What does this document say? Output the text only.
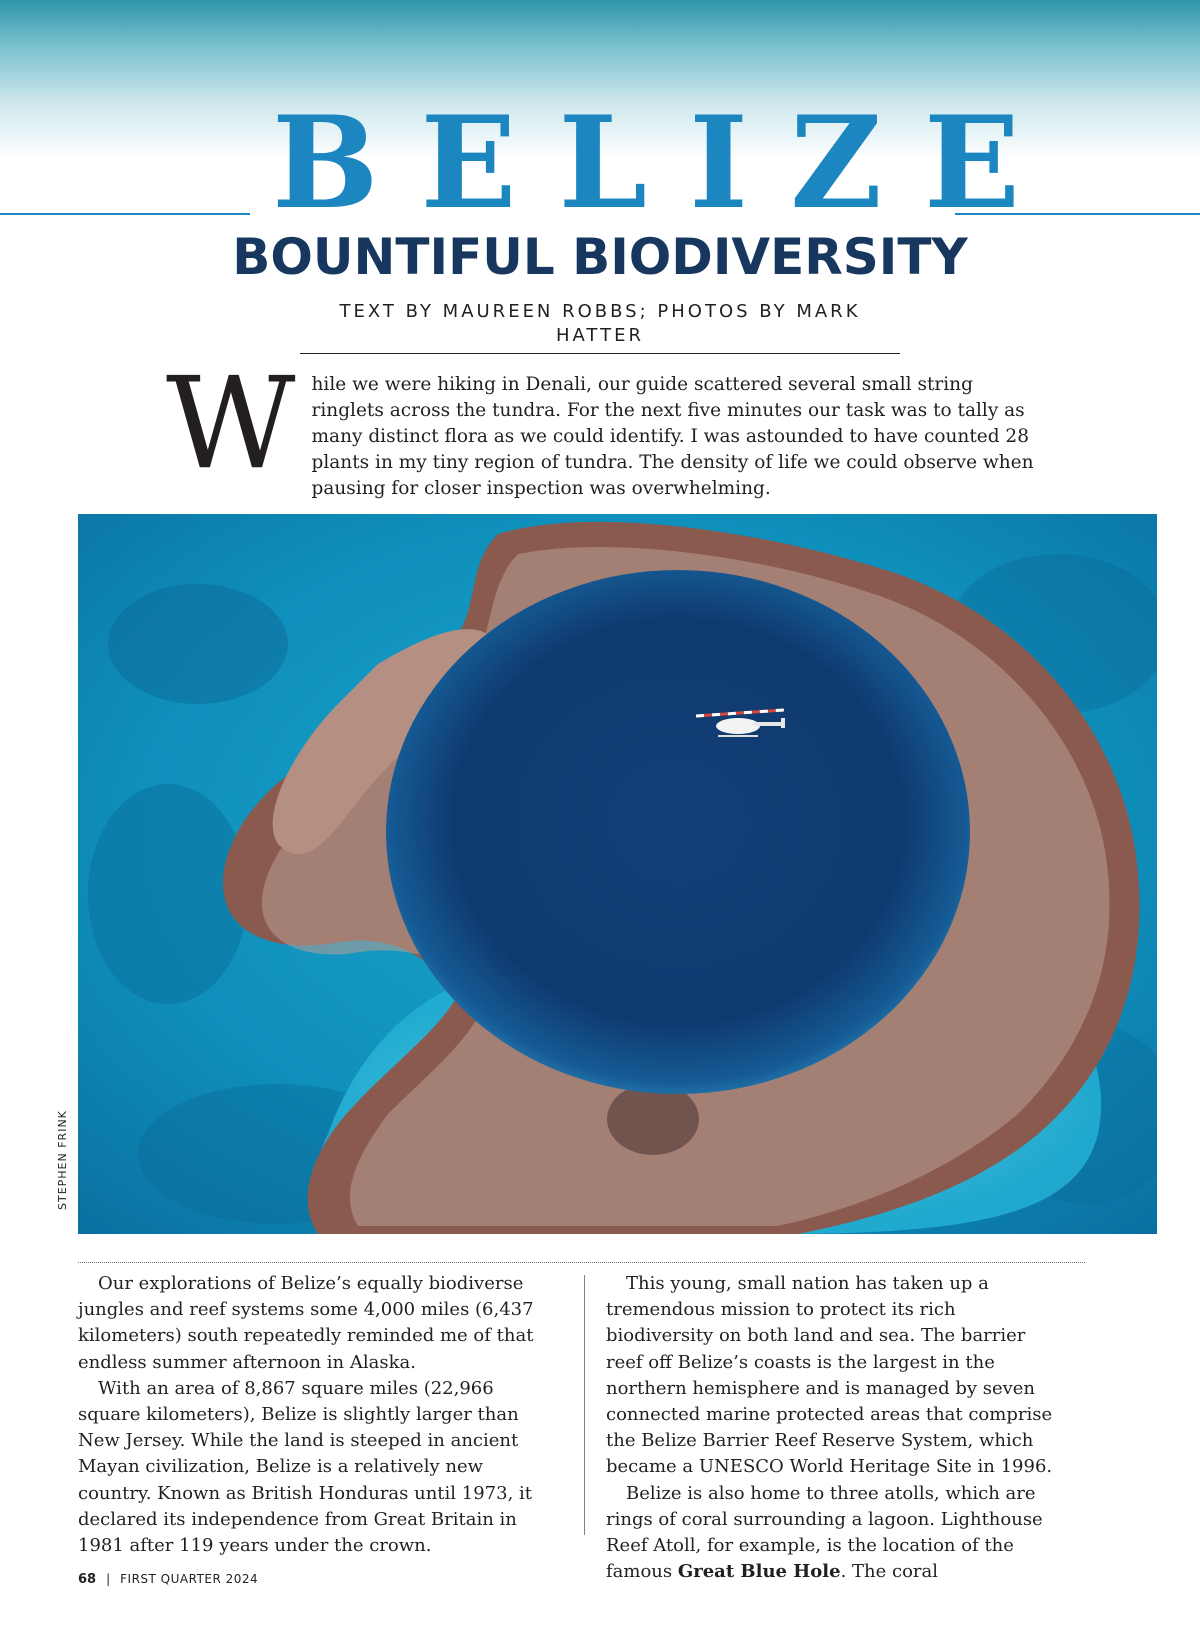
BELIZE
BOUNTIFUL BIODIVERSITY
TEXT BY MAUREEN ROBBS; PHOTOS BY MARK HATTER
While we were hiking in Denali, our guide scattered several small string ringlets across the tundra. For the next five minutes our task was to tally as many distinct flora as we could identify. I was astounded to have counted 28 plants in my tiny region of tundra. The density of life we could observe when pausing for closer inspection was overwhelming.
STEPHEN FRINK

Our explorations of Belize’s equally biodiverse jungles and reef systems some 4,000 miles (6,437 kilometers) south repeatedly reminded me of that endless summer afternoon in Alaska.

With an area of 8,867 square miles (22,966 square kilometers), Belize is slightly larger than New Jersey. While the land is steeped in ancient Mayan civilization, Belize is a relatively new country. Known as British Honduras until 1973, it declared its independence from Great Britain in 1981 after 119 years under the crown.

This young, small nation has taken up a tremendous mission to protect its rich biodiversity on both land and sea. The barrier reef off Belize’s coasts is the largest in the northern hemisphere and is managed by seven connected marine protected areas that comprise the Belize Barrier Reef Reserve System, which became a UNESCO World Heritage Site in 1996.

Belize is also home to three atolls, which are rings of coral surrounding a lagoon. Lighthouse Reef Atoll, for example, is the location of the famous Great Blue Hole. The coral

68 | FIRST QUARTER 2024
